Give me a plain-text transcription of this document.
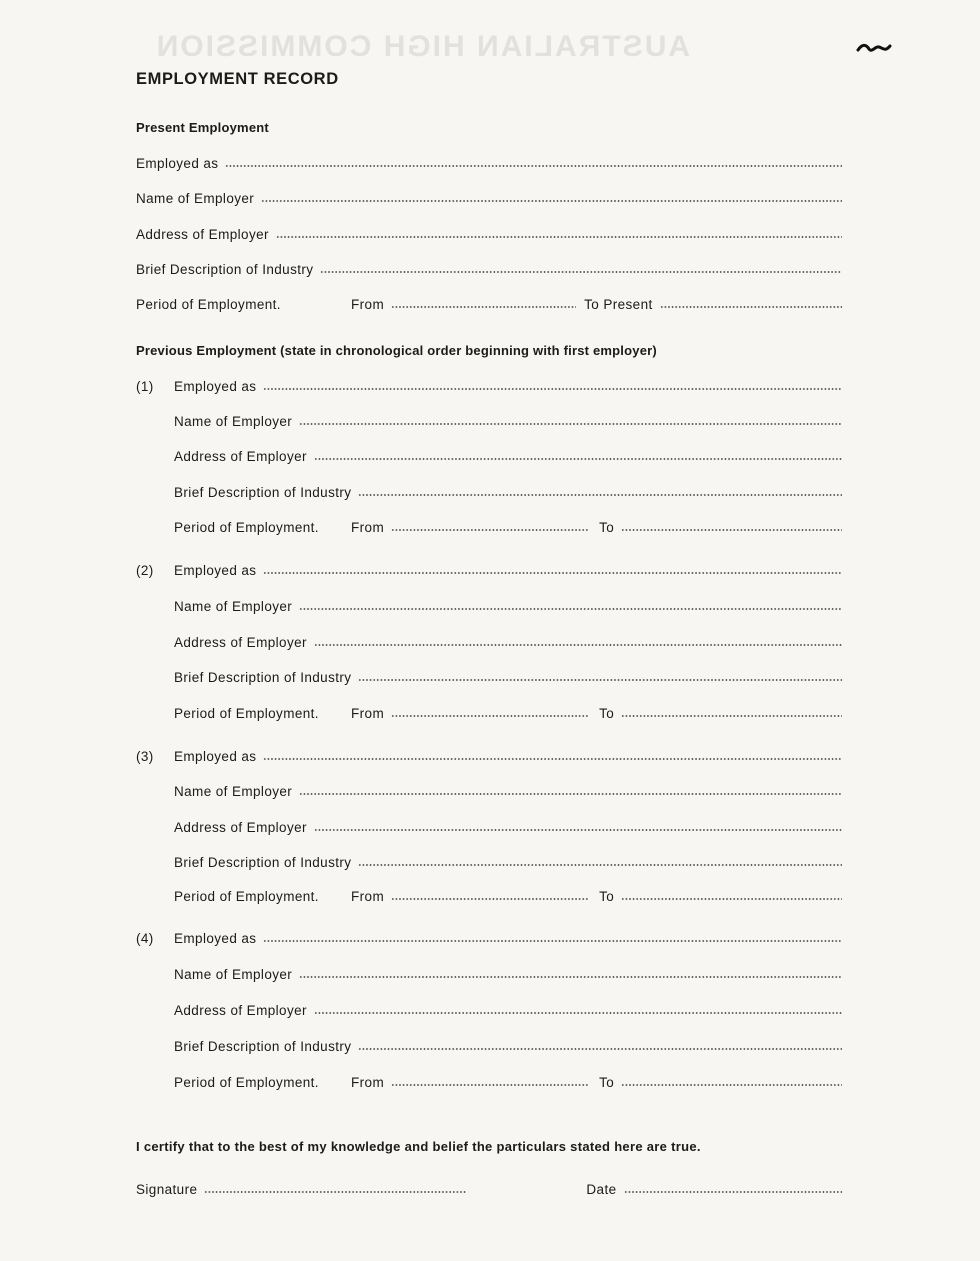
AUSTRALIAN HIGH COMMISSION
EMPLOYMENT RECORD
Present Employment
Employed as
Name of Employer
Address of Employer
Brief Description of Industry
Period of Employment.	From	To Present
Previous Employment (state in chronological order beginning with first employer)
(1)	Employed as
Name of Employer
Address of Employer
Brief Description of Industry
Period of Employment.	From	To
(2)	Employed as
Name of Employer
Address of Employer
Brief Description of Industry
Period of Employment.	From	To
(3)	Employed as
Name of Employer
Address of Employer
Brief Description of Industry
Period of Employment.	From	To
(4)	Employed as
Name of Employer
Address of Employer
Brief Description of Industry
Period of Employment.	From	To
I certify that to the best of my knowledge and belief the particulars stated here are true.
Signature	Date
